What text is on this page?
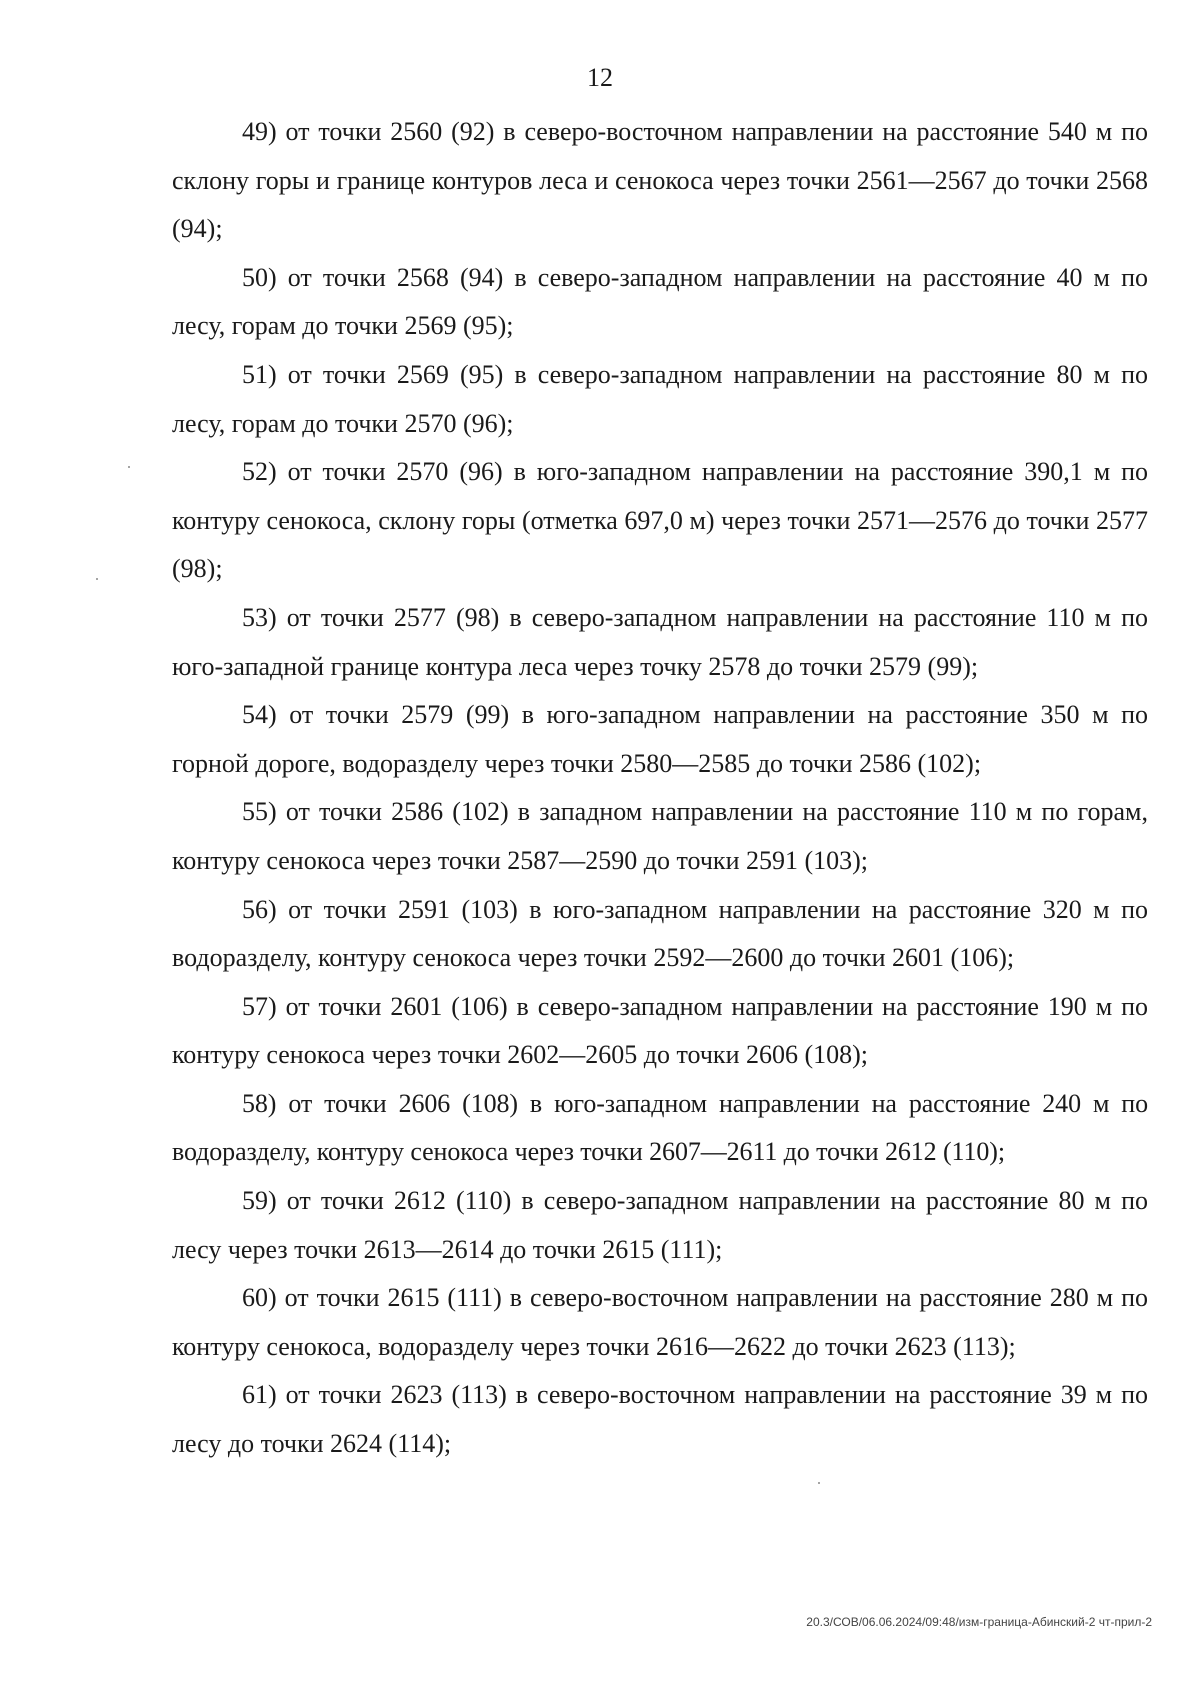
12

49) от точки 2560 (92) в северо-восточном направлении на расстояние 540 м по склону горы и границе контуров леса и сенокоса через точки 2561—2567 до точки 2568 (94);

50) от точки 2568 (94) в северо-западном направлении на расстояние 40 м по лесу, горам до точки 2569 (95);

51) от точки 2569 (95) в северо-западном направлении на расстояние 80 м по лесу, горам до точки 2570 (96);

52) от точки 2570 (96) в юго-западном направлении на расстояние 390,1 м по контуру сенокоса, склону горы (отметка 697,0 м) через точки 2571—2576 до точки 2577 (98);

53) от точки 2577 (98) в северо-западном направлении на расстояние 110 м по юго-западной границе контура леса через точку 2578 до точки 2579 (99);

54) от точки 2579 (99) в юго-западном направлении на расстояние 350 м по горной дороге, водоразделу через точки 2580—2585 до точки 2586 (102);

55) от точки 2586 (102) в западном направлении на расстояние 110 м по горам, контуру сенокоса через точки 2587—2590 до точки 2591 (103);

56) от точки 2591 (103) в юго-западном направлении на расстояние 320 м по водоразделу, контуру сенокоса через точки 2592—2600 до точки 2601 (106);

57) от точки 2601 (106) в северо-западном направлении на расстояние 190 м по контуру сенокоса через точки 2602—2605 до точки 2606 (108);

58) от точки 2606 (108) в юго-западном направлении на расстояние 240 м по водоразделу, контуру сенокоса через точки 2607—2611 до точки 2612 (110);

59) от точки 2612 (110) в северо-западном направлении на расстояние 80 м по лесу через точки 2613—2614 до точки 2615 (111);

60) от точки 2615 (111) в северо-восточном направлении на расстояние 280 м по контуру сенокоса, водоразделу через точки 2616—2622 до точки 2623 (113);

61) от точки 2623 (113) в северо-восточном направлении на расстояние 39 м по лесу до точки 2624 (114);

20.3/СОВ/06.06.2024/09:48/изм-граница-Абинский-2 чт-прил-2
